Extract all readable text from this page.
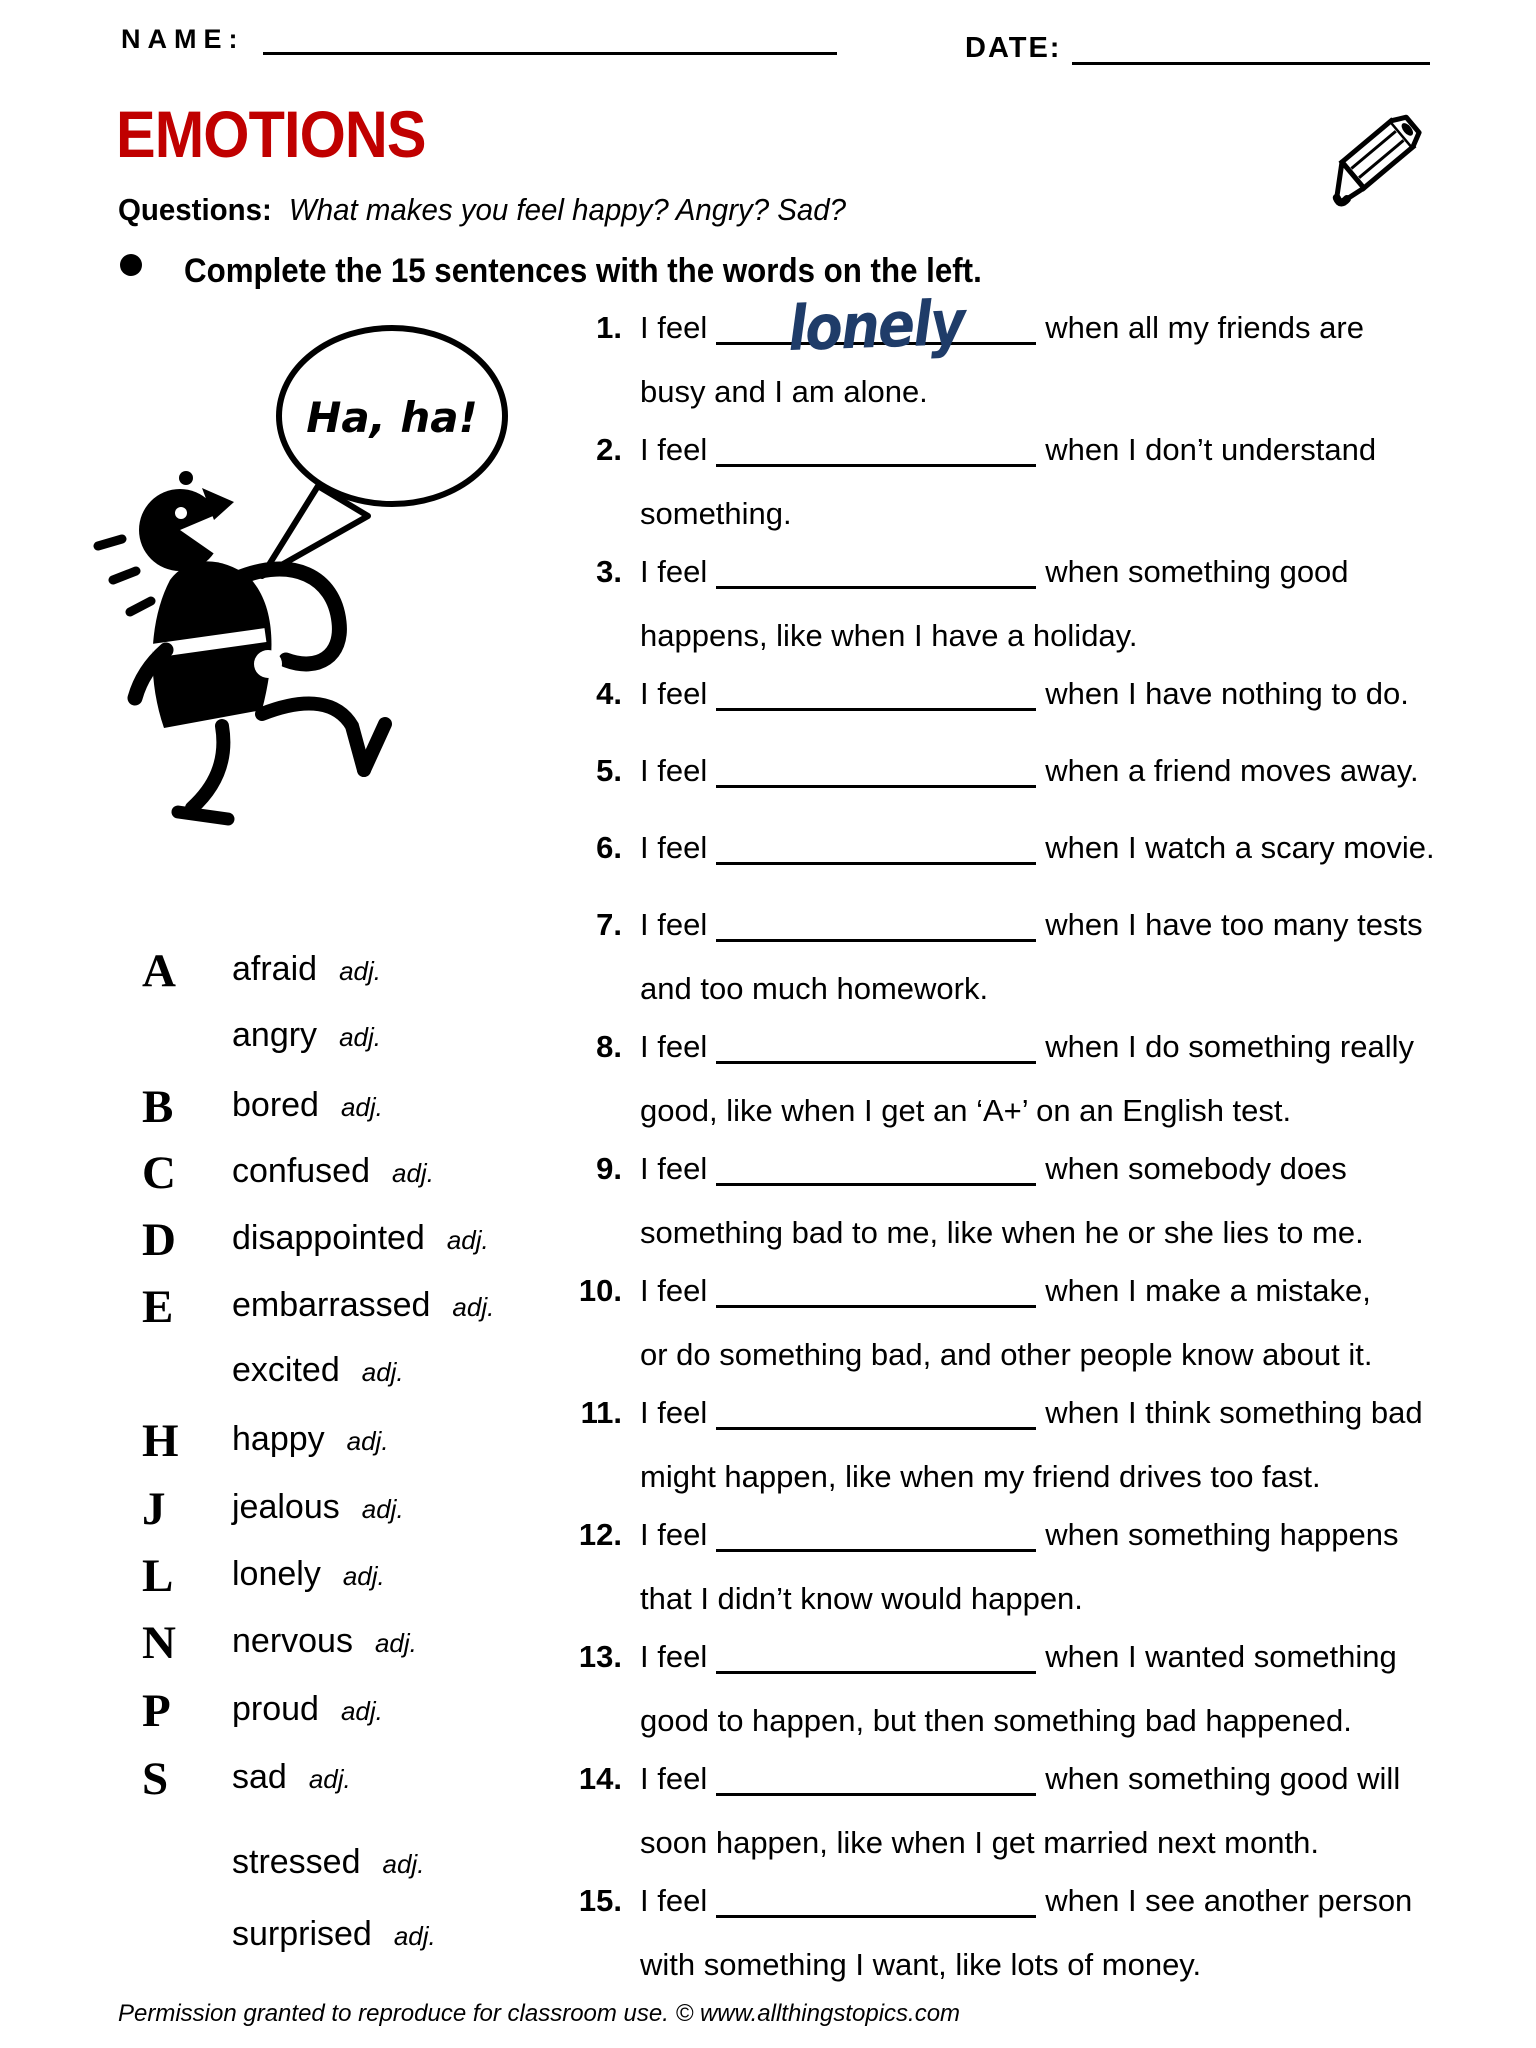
NAME:	DATE:
EMOTIONS
Questions: What makes you feel happy? Angry? Sad?
Complete the 15 sentences with the words on the left.
Ha, ha!
A afraid adj.
angry adj.
B bored adj.
C confused adj.
D disappointed adj.
E embarrassed adj.
excited adj.
H happy adj.
J jealous adj.
L lonely adj.
N nervous adj.
P proud adj.
S sad adj.
stressed adj.
surprised adj.
1. I feel lonely	when all my friends are
busy and I am alone.
2. I feel	when I don’t understand
something.
3. I feel	when something good
happens, like when I have a holiday.
4. I feel	when I have nothing to do.
5. I feel	when a friend moves away.
6. I feel	when I watch a scary movie.
7. I feel	when I have too many tests
and too much homework.
8. I feel	when I do something really
good, like when I get an ‘A+’ on an English test.
9. I feel	when somebody does
something bad to me, like when he or she lies to me.
10. I feel	when I make a mistake,
or do something bad, and other people know about it.
11. I feel	when I think something bad
might happen, like when my friend drives too fast.
12. I feel	when something happens
that I didn’t know would happen.
13. I feel	when I wanted something
good to happen, but then something bad happened.
14. I feel	when something good will
soon happen, like when I get married next month.
15. I feel	when I see another person
with something I want, like lots of money.
Permission granted to reproduce for classroom use. © www.allthingstopics.com
